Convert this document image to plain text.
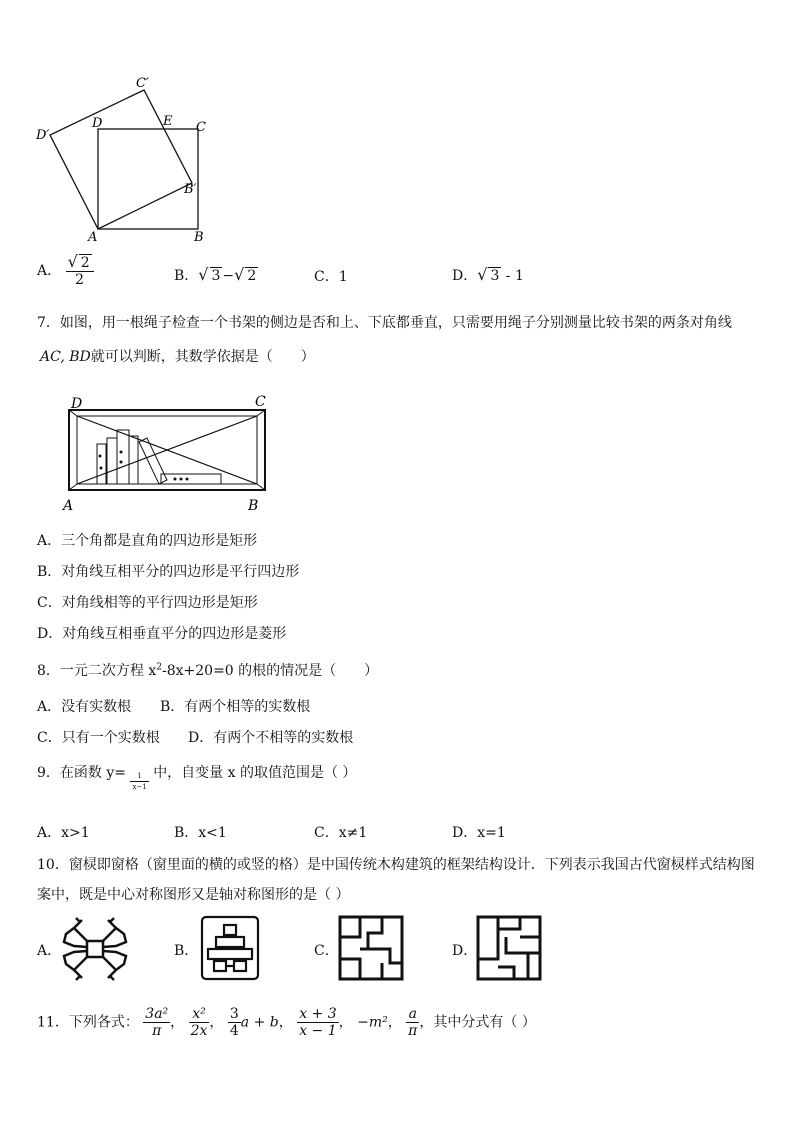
C′
D′
D	E C
B′
A	B
A． $\frac{√ 2}{2}$	B．√ 3 −√ 2	C．1	D．√ 3 - 1
7．如图，用一根绳子检查一个书架的侧边是否和上、下底都垂直，只需要用绳子分别测量比较书架的两条对角线
AC, BD就可以判断，其数学依据是（　　）
D	C
A	B
A．三个角都是直角的四边形是矩形
B．对角线互相平分的四边形是平行四边形
C．对角线相等的平行四边形是矩形
D．对角线互相垂直平分的四边形是菱形
8．一元二次方程 $x^2-8x+20=0$ 的根的情况是（　　）
A．没有实数根 B．有两个相等的实数根
C．只有一个实数根 D．有两个不相等的实数根
9．在函数 $y= \frac{1}{x-1}$ 中，自变量 x 的取值范围是（ ）
A．x>1	B．x<1	C．x≠1	D．x=1
10．窗棂即窗格（窗里面的横的或竖的格）是中国传统木构建筑的框架结构设计．下列表示我国古代窗棂样式结构图
案中，既是中心对称图形又是轴对称图形的是（ ）
A．	B．	C．	D．
11．下列各式： $\frac{\text{3a²}}{\pi}$ ， $\frac{\text{x²}}{2x}$ ， $\frac{3}{4}$ a + b， $\frac{x + 3}{x - 1}$ ， −m²， $\frac{a}{\pi}$ ，其中分式有（ ）
